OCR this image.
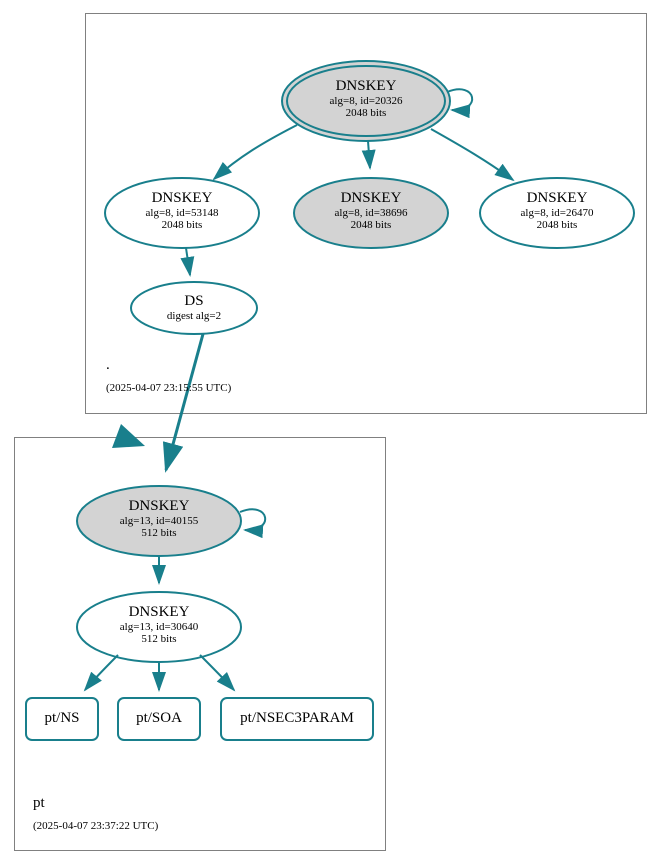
DNSKEY
alg=8, id=20326
2048 bits
DNSKEY
alg=8, id=53148
2048 bits
DNSKEY
alg=8, id=38696
2048 bits
DNSKEY
alg=8, id=26470
2048 bits
DS
digest alg=2
DNSKEY
alg=13, id=40155
512 bits
DNSKEY
alg=13, id=30640
512 bits
pt/NS	pt/SOA	pt/NSEC3PARAM
.
(2025-04-07 23:15:55 UTC)
pt
(2025-04-07 23:37:22 UTC)
